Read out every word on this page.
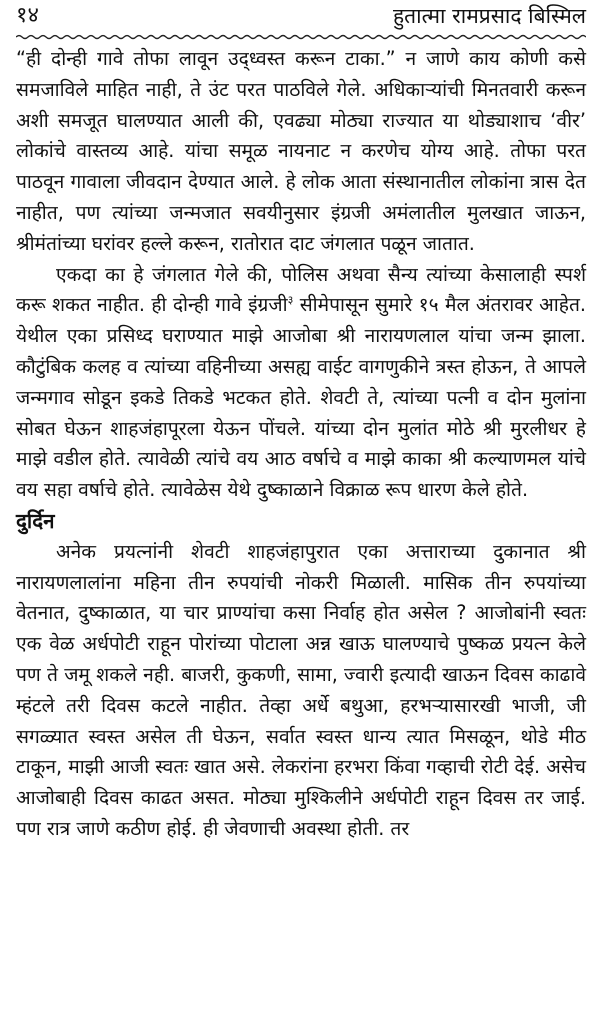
१४	हुतात्मा रामप्रसाद बिस्मिल

“ही दोन्ही गावे तोफा लावून उद्ध्वस्त करून टाका.” न जाणे काय कोणी कसे समजाविले माहित नाही, ते उंट परत पाठविले गेले. अधिकाऱ्यांची मिनतवारी करून अशी समजूत घालण्यात आली की, एवढ्या मोठ्या राज्यात या थोड्याशाच ‘वीर’ लोकांचे वास्तव्य आहे. यांचा समूळ नायनाट न करणेच योग्य आहे. तोफा परत पाठवून गावाला जीवदान देण्यात आले. हे लोक आता संस्थानातील लोकांना त्रास देत नाहीत, पण त्यांच्या जन्मजात सवयीनुसार इंग्रजी अमंलातील मुलखात जाऊन, श्रीमंतांच्या घरांवर हल्ले करून, रातोरात दाट जंगलात पळून जातात.

एकदा का हे जंगलात गेले की, पोलिस अथवा सैन्य त्यांच्या केसालाही स्पर्श करू शकत नाहीत. ही दोन्ही गावे इंग्रजी$^३$ सीमेपासून सुमारे १५ मैल अंतरावर आहेत. येथील एका प्रसिध्द घराण्यात माझे आजोबा श्री नारायणलाल यांचा जन्म झाला. कौटुंबिक कलह व त्यांच्या वहिनीच्या असह्य वाईट वागणुकीने त्रस्त होऊन, ते आपले जन्मगाव सोडून इकडे तिकडे भटकत होते. शेवटी ते, त्यांच्या पत्नी व दोन मुलांना सोबत घेऊन शाहजंहापूरला येऊन पोंचले. यांच्या दोन मुलांत मोठे श्री मुरलीधर हे माझे वडील होते. त्यावेळी त्यांचे वय आठ वर्षाचे व माझे काका श्री कल्याणमल यांचे वय सहा वर्षाचे होते. त्यावेळेस येथे दुष्काळाने विक्राळ रूप धारण केले होते.

दुर्दिन

अनेक प्रयत्नांनी शेवटी शाहजंहापुरात एका अत्ताराच्या दुकानात श्री नारायणलालांना महिना तीन रुपयांची नोकरी मिळाली. मासिक तीन रुपयांच्या वेतनात, दुष्काळात, या चार प्राण्यांचा कसा निर्वाह होत असेल ? आजोबांनी स्वतः एक वेळ अर्धपोटी राहून पोरांच्या पोटाला अन्न खाऊ घालण्याचे पुष्कळ प्रयत्न केले पण ते जमू शकले नही. बाजरी, कुकणी, सामा, ज्वारी इत्यादी खाऊन दिवस काढावे म्हंटले तरी दिवस कटले नाहीत. तेव्हा अर्धे बथुआ, हरभऱ्यासारखी भाजी, जी सगळ्यात स्वस्त असेल ती घेऊन, सर्वात स्वस्त धान्य त्यात मिसळून, थोडे मीठ टाकून, माझी आजी स्वतः खात असे. लेकरांना हरभरा किंवा गव्हाची रोटी देई. असेच आजोबाही दिवस काढत असत. मोठ्या मुश्किलीने अर्धपोटी राहून दिवस तर जाई. पण रात्र जाणे कठीण होई. ही जेवणाची अवस्था होती. तर
